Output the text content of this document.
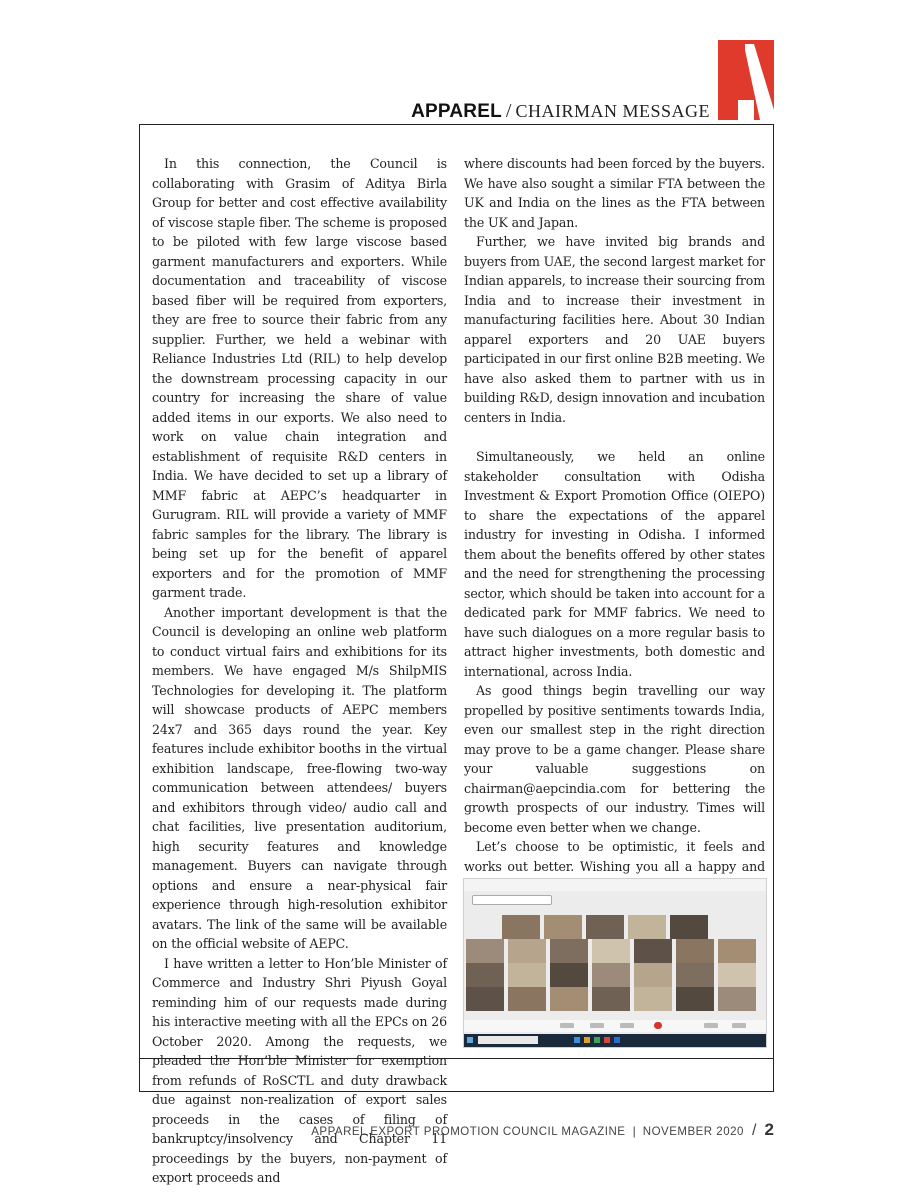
APPAREL / CHAIRMAN MESSAGE

In this connection, the Council is collaborating with Grasim of Aditya Birla Group for better and cost effective availability of viscose staple fiber. The scheme is proposed to be piloted with few large viscose based garment manufacturers and exporters. While documentation and traceability of viscose based fiber will be required from exporters, they are free to source their fabric from any supplier. Further, we held a webinar with Reliance Industries Ltd (RIL) to help develop the downstream processing capacity in our country for increasing the share of value added items in our exports. We also need to work on value chain integration and establishment of requisite R&D centers in India. We have decided to set up a library of MMF fabric at AEPC’s headquarter in Gurugram. RIL will provide a variety of MMF fabric samples for the library. The library is being set up for the benefit of apparel exporters and for the promotion of MMF garment trade.

Another important development is that the Council is developing an online web platform to conduct virtual fairs and exhibitions for its members. We have engaged M/s ShilpMIS Technologies for developing it. The platform will showcase products of AEPC members 24x7 and 365 days round the year. Key features include exhibitor booths in the virtual exhibition landscape, free-flowing two-way communication between attendees/ buyers and exhibitors through video/ audio call and chat facilities, live presentation auditorium, high security features and knowledge management. Buyers can navigate through options and ensure a near-physical fair experience through high-resolution exhibitor avatars. The link of the same will be available on the official website of AEPC.

I have written a letter to Hon’ble Minister of Commerce and Industry Shri Piyush Goyal reminding him of our requests made during his interactive meeting with all the EPCs on 26 October 2020. Among the requests, we pleaded the Hon’ble Minister for exemption from refunds of RoSCTL and duty drawback due against non-realization of export sales proceeds in the cases of filing of bankruptcy/insolvency and Chapter 11 proceedings by the buyers, non-payment of export proceeds and

where discounts had been forced by the buyers. We have also sought a similar FTA between the UK and India on the lines as the FTA between the UK and Japan.

Further, we have invited big brands and buyers from UAE, the second largest market for Indian apparels, to increase their sourcing from India and to increase their investment in manufacturing facilities here. About 30 Indian apparel exporters and 20 UAE buyers participated in our first online B2B meeting. We have also asked them to partner with us in building R&D, design innovation and incubation centers in India.

Simultaneously, we held an online stakeholder consultation with Odisha Investment & Export Promotion Office (OIEPO) to share the expectations of the apparel industry for investing in Odisha. I informed them about the benefits offered by other states and the need for strengthening the processing sector, which should be taken into account for a dedicated park for MMF fabrics. We need to have such dialogues on a more regular basis to attract higher investments, both domestic and international, across India.

As good things begin travelling our way propelled by positive sentiments towards India, even our smallest step in the right direction may prove to be a game changer. Please share your valuable suggestions on chairman@aepcindia.com for bettering the growth prospects of our industry. Times will become even better when we change.

Let’s choose to be optimistic, it feels and works out better. Wishing you all a happy and

APPAREL EXPORT PROMOTION COUNCIL MAGAZINE | NOVEMBER 2020 / 2
